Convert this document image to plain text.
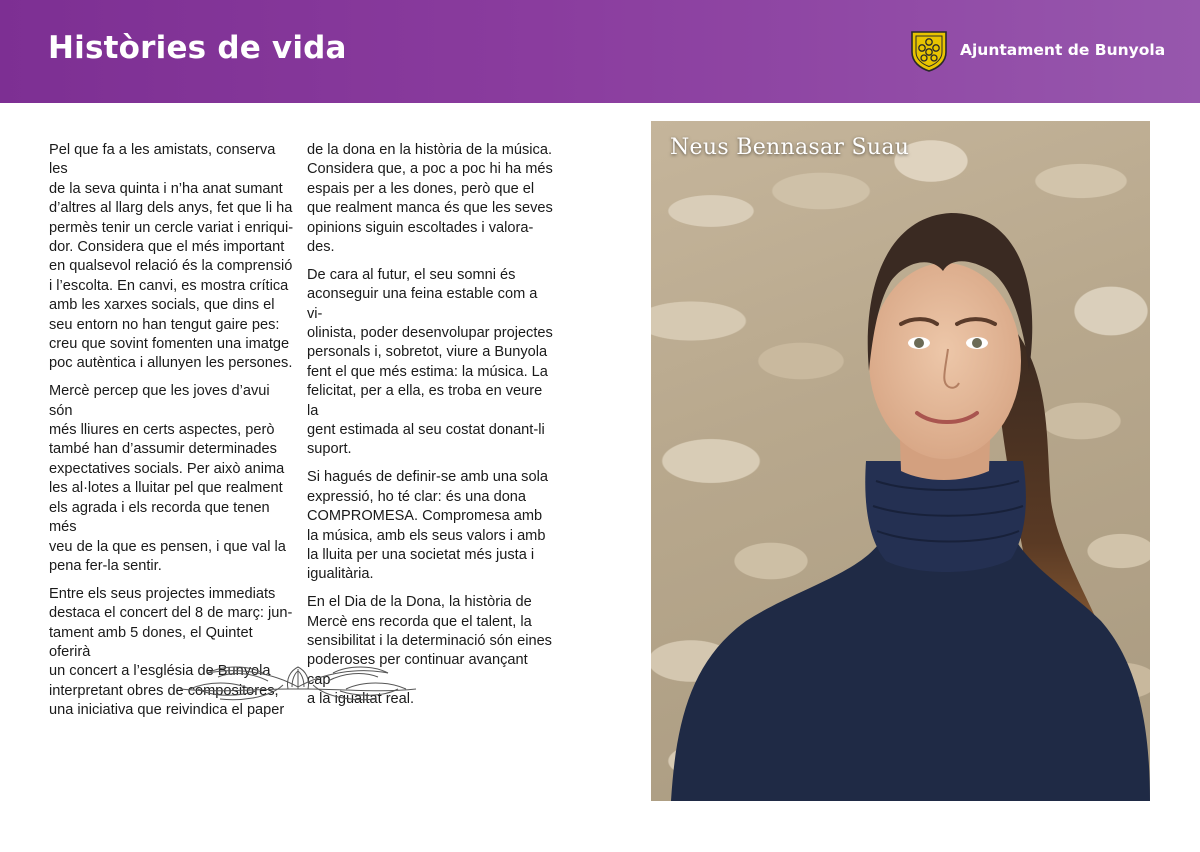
Històries de vida	Ajuntament de Bunyola

Pel que fa a les amistats, conserva les
de la seva quinta i n’ha anat sumant
d’altres al llarg dels anys, fet que li ha
permès tenir un cercle variat i enriqui-
dor. Considera que el més important
en qualsevol relació és la comprensió
i l’escolta. En canvi, es mostra crítica
amb les xarxes socials, que dins el
seu entorn no han tengut gaire pes:
creu que sovint fomenten una imatge
poc autèntica i allunyen les persones.

Mercè percep que les joves d’avui són
més lliures en certs aspectes, però
també han d’assumir determinades
expectatives socials. Per això anima
les al·lotes a lluitar pel que realment
els agrada i els recorda que tenen més
veu de la que es pensen, i que val la
pena fer-la sentir.

Entre els seus projectes immediats
destaca el concert del 8 de març: jun-
tament amb 5 dones, el Quintet oferirà
un concert a l’església de Bunyola
interpretant obres de compositores,
una iniciativa que reivindica el paper

de la dona en la història de la música.
Considera que, a poc a poc hi ha més
espais per a les dones, però que el
que realment manca és que les seves
opinions siguin escoltades i valora-
des.

De cara al futur, el seu somni és
aconseguir una feina estable com a vi-
olinista, poder desenvolupar projectes
personals i, sobretot, viure a Bunyola
fent el que més estima: la música. La
felicitat, per a ella, es troba en veure la
gent estimada al seu costat donant-li
suport.

Si hagués de definir-se amb una sola
expressió, ho té clar: és una dona
COMPROMESA. Compromesa amb
la música, amb els seus valors i amb
la lluita per una societat més justa i
igualitària.

En el Dia de la Dona, la història de
Mercè ens recorda que el talent, la
sensibilitat i la determinació són eines
poderoses per continuar avançant cap
a la igualtat real.

Neus Bennasar Suau
